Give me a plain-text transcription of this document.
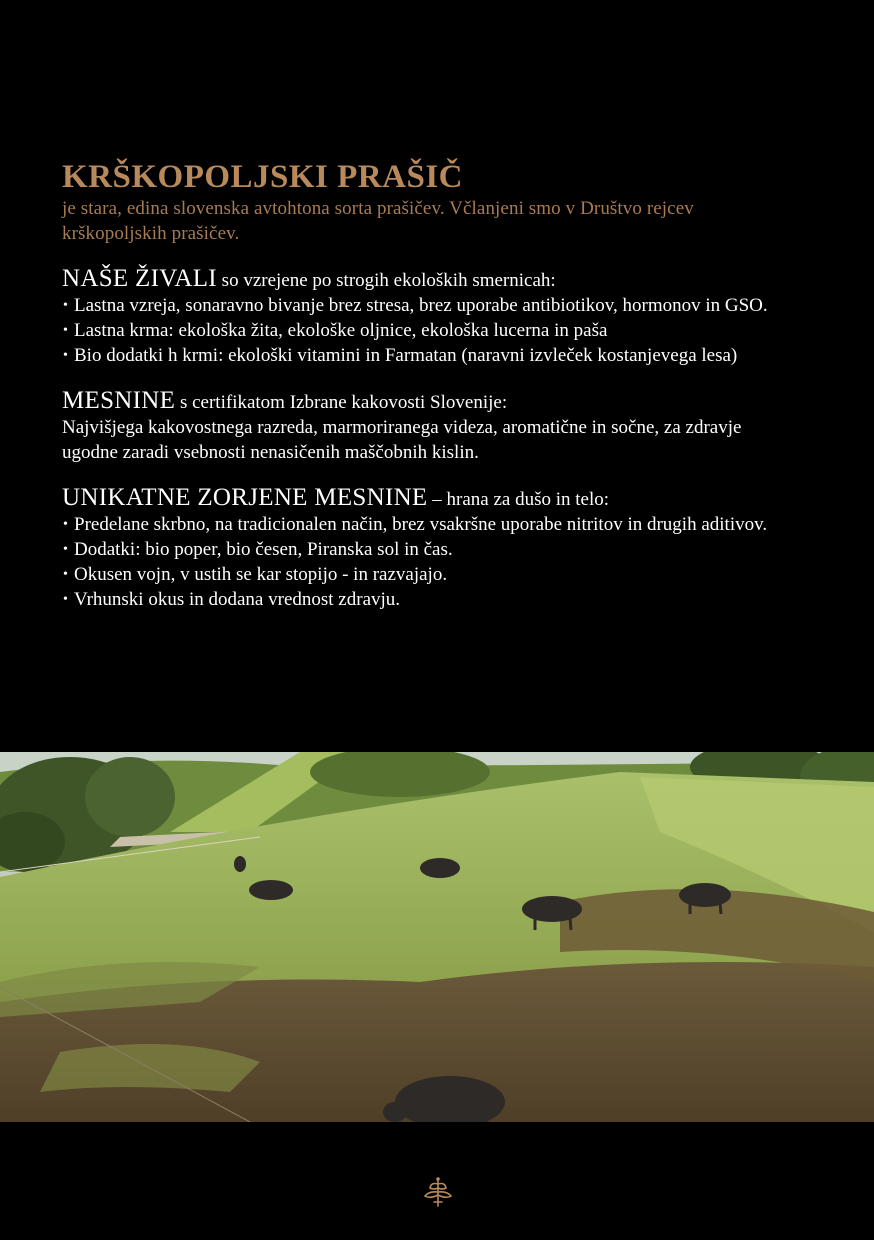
KRŠKOPOLJSKI PRAŠIČ

je stara, edina slovenska avtohtona sorta prašičev. Včlanjeni smo v Društvo rejcev krškopoljskih prašičev.

NAŠE ŽIVALI so vzrejene po strogih ekoloških smernicah:

• Lastna vzreja, sonaravno bivanje brez stresa, brez uporabe antibiotikov, hormonov in GSO.
• Lastna krma: ekološka žita, ekološke oljnice, ekološka lucerna in paša
• Bio dodatki h krmi: ekološki vitamini in Farmatan (naravni izvleček kostanjevega lesa)

MESNINE s certifikatom Izbrane kakovosti Slovenije:

Najvišjega kakovostnega razreda, marmoriranega videza, aromatične in sočne, za zdravje ugodne zaradi vsebnosti nenasičenih maščobnih kislin.

UNIKATNE ZORJENE MESNINE – hrana za dušo in telo:

• Predelane skrbno, na tradicionalen način, brez vsakršne uporabe nitritov in drugih aditivov.
• Dodatki: bio poper, bio česen, Piranska sol in čas.
• Okusen vojn, v ustih se kar stopijo - in razvajajo.
• Vrhunski okus in dodana vrednost zdravju.
